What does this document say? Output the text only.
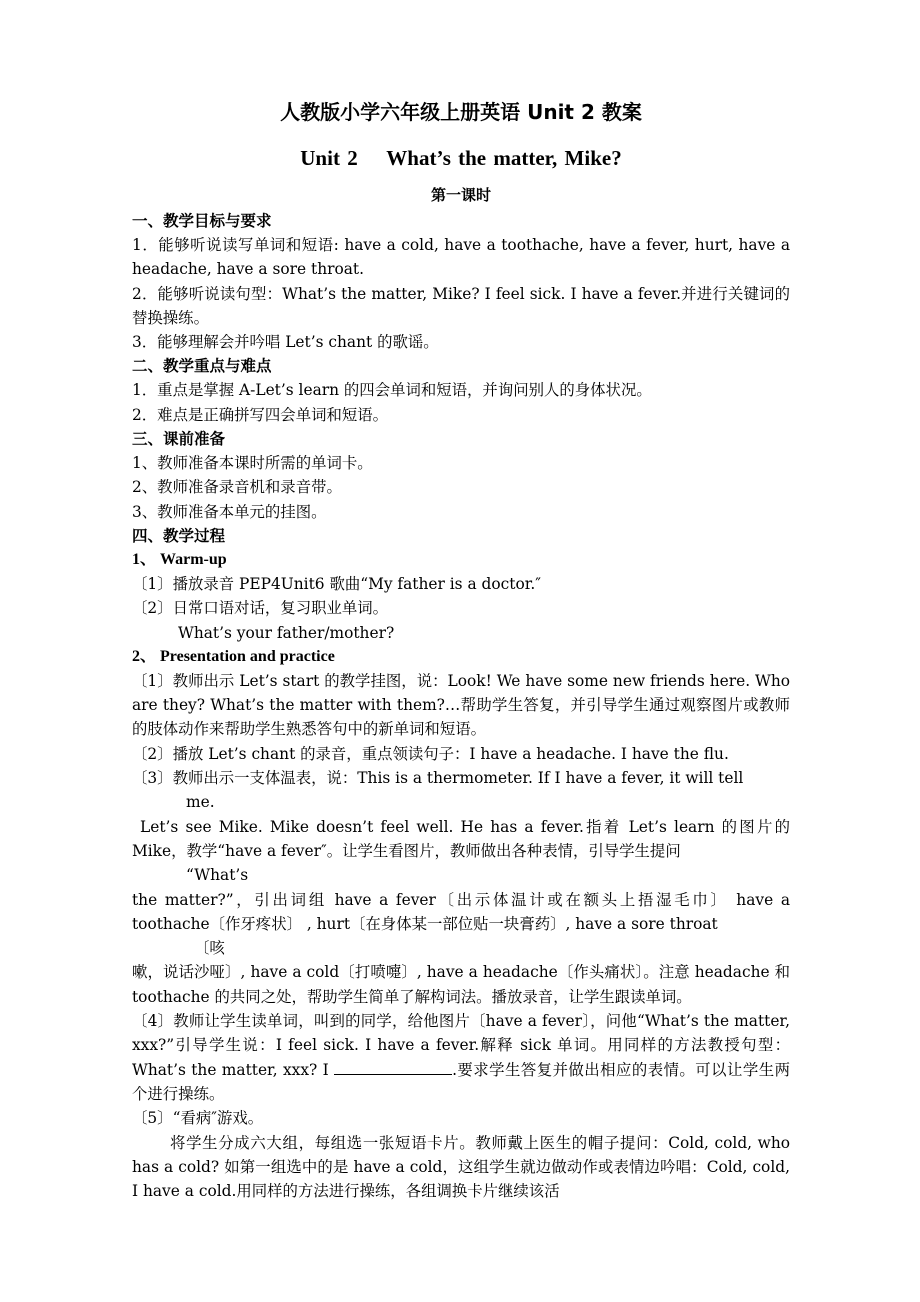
人教版小学六年级上册英语 Unit 2 教案
Unit 2    What’s the matter, Mike?
第一课时
一、教学目标与要求

1．能够听说读写单词和短语: have a cold, have a toothache, have a fever, hurt, have a headache, have a sore throat.

2．能够听说读句型：What’s the matter, Mike? I feel sick. I have a fever.并进行关键词的替换操练。

3．能够理解会并吟唱 Let’s chant 的歌谣。

二、教学重点与难点

1．重点是掌握 A-Let’s learn 的四会单词和短语，并询问别人的身体状况。

2．难点是正确拼写四会单词和短语。

三、课前准备

1、教师准备本课时所需的单词卡。

2、教师准备录音机和录音带。

3、教师准备本单元的挂图。

四、教学过程
1、 Warm-up

〔1〕播放录音 PEP4Unit6 歌曲“My father is a doctor.″

〔2〕日常口语对话，复习职业单词。

What’s your father/mother?

2、 Presentation and practice

〔1〕教师出示 Let’s start 的教学挂图，说：Look! We have some new friends here. Who are they? What’s the matter with them?…帮助学生答复，并引导学生通过观察图片或教师的肢体动作来帮助学生熟悉答句中的新单词和短语。

〔2〕播放 Let’s chant 的录音，重点领读句子：I have a headache. I have the flu.

〔3〕教师出示一支体温表，说：This is a thermometer. If I have a fever, it will tell

me.

Let’s see Mike. Mike doesn’t feel well. He has a fever.指着 Let’s learn 的图片的 Mike，教学“have a fever″。让学生看图片，教师做出各种表情，引导学生提问

“What’s

the matter?”，引出词组 have a fever〔出示体温计或在额头上捂湿毛巾〕 have a toothache〔作牙疼状〕 , hurt〔在身体某一部位贴一块膏药〕, have a sore throat

〔咳

嗽，说话沙哑〕, have a cold〔打喷嚏〕, have a headache〔作头痛状〕。注意 headache 和 toothache 的共同之处，帮助学生简单了解构词法。播放录音，让学生跟读单词。

〔4〕教师让学生读单词，叫到的同学，给他图片〔have a fever〕，问他“What’s the matter, xxx?”引导学生说：I feel sick. I have a fever.解释 sick 单词。用同样的方法教授句型：What’s the matter, xxx? I	.要求学生答复并做出相应的表情。可以让学生两个进行操练。

〔5〕“看病″游戏。

将学生分成六大组，每组选一张短语卡片。教师戴上医生的帽子提问：Cold, cold, who has a cold? 如第一组选中的是 have a cold，这组学生就边做动作或表情边吟唱：Cold, cold, I have a cold.用同样的方法进行操练，各组调换卡片继续该活
